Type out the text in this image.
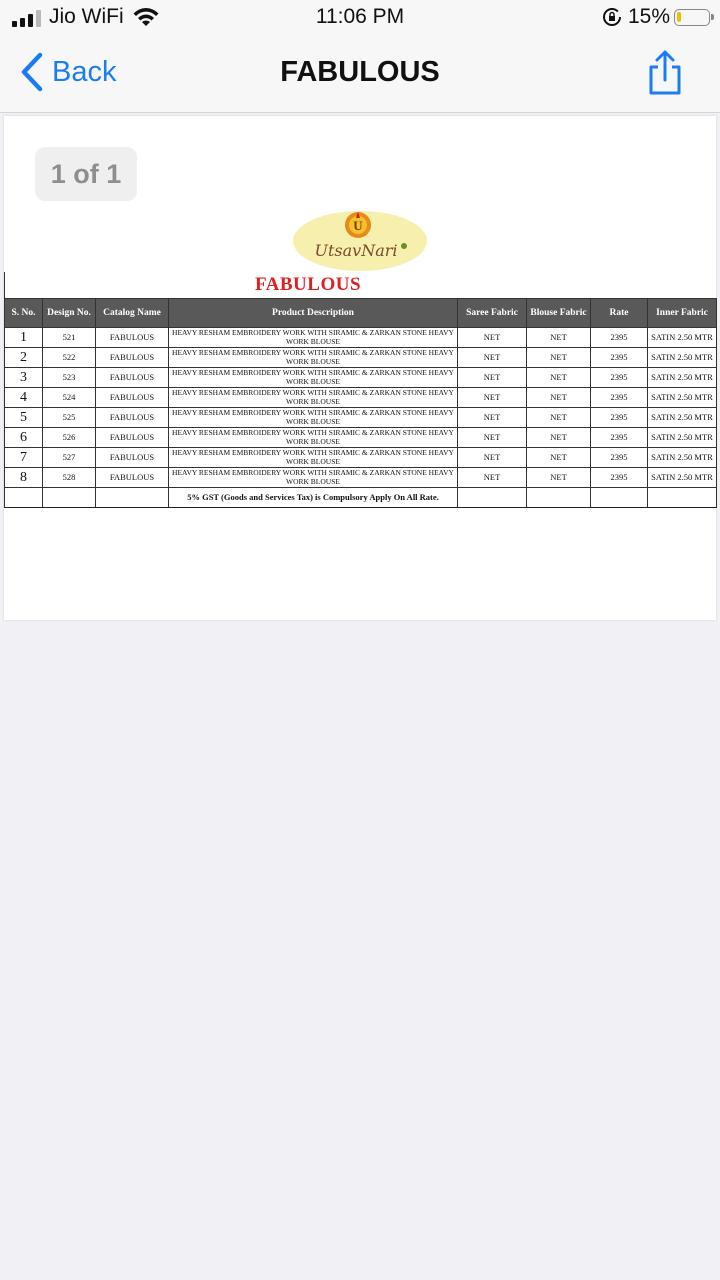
Jio WiFi	11:06 PM	15%
Back	FABULOUS
1 of 1
U
UtsavNari
FABULOUS
S. No.	Design No.	Catalog Name	Product Description	Saree Fabric	Blouse Fabric	Rate	Inner Fabric
1	521	FABULOUS	HEAVY RESHAM EMBROIDERY WORK WITH SIRAMIC & ZARKAN STONE HEAVY WORK BLOUSE	NET	NET	2395	SATIN 2.50 MTR
2	522	FABULOUS	HEAVY RESHAM EMBROIDERY WORK WITH SIRAMIC & ZARKAN STONE HEAVY WORK BLOUSE	NET	NET	2395	SATIN 2.50 MTR
3	523	FABULOUS	HEAVY RESHAM EMBROIDERY WORK WITH SIRAMIC & ZARKAN STONE HEAVY WORK BLOUSE	NET	NET	2395	SATIN 2.50 MTR
4	524	FABULOUS	HEAVY RESHAM EMBROIDERY WORK WITH SIRAMIC & ZARKAN STONE HEAVY WORK BLOUSE	NET	NET	2395	SATIN 2.50 MTR
5	525	FABULOUS	HEAVY RESHAM EMBROIDERY WORK WITH SIRAMIC & ZARKAN STONE HEAVY WORK BLOUSE	NET	NET	2395	SATIN 2.50 MTR
6	526	FABULOUS	HEAVY RESHAM EMBROIDERY WORK WITH SIRAMIC & ZARKAN STONE HEAVY WORK BLOUSE	NET	NET	2395	SATIN 2.50 MTR
7	527	FABULOUS	HEAVY RESHAM EMBROIDERY WORK WITH SIRAMIC & ZARKAN STONE HEAVY WORK BLOUSE	NET	NET	2395	SATIN 2.50 MTR
8	528	FABULOUS	HEAVY RESHAM EMBROIDERY WORK WITH SIRAMIC & ZARKAN STONE HEAVY WORK BLOUSE	NET	NET	2395	SATIN 2.50 MTR
			5% GST (Goods and Services Tax) is Compulsory Apply On All Rate.				
